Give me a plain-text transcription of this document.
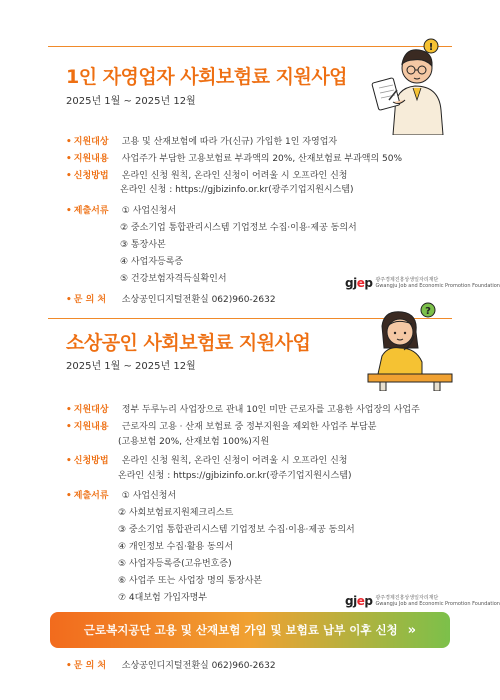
1인 자영업자 사회보험료 지원사업
2025년 1월 ~ 2025년 12월
!
• 지원대상 고용 및 산재보험에 따라 가(신규) 가입한 1인 자영업자
• 지원내용 사업주가 부담한 고용보험료 부과액의 20%, 산재보험료 부과액의 50%
• 신청방법 온라인 신청 원칙, 온라인 신청이 어려울 시 오프라인 신청
온라인 신청 : https://gjbizinfo.or.kr(광주기업지원시스템)
• 제출서류 ① 사업신청서
② 중소기업 통합관리시스템 기업정보 수집·이용·제공 동의서
③ 통장사본
④ 사업자등록증
⑤ 건강보험자격득실확인서	gjep 광주경제진흥상생일자리재단
Gwangju Job and Economic Promotion Foundation
• 문 의 처 소상공인디지털전환실 062)960-2632
소상공인 사회보험료 지원사업
2025년 1월 ~ 2025년 12월
?
• 지원대상 정부 두루누리 사업장으로 관내 10인 미만 근로자를 고용한 사업장의 사업주
• 지원내용 근로자의 고용 · 산재 보험료 중 정부지원을 제외한 사업주 부담분
(고용보험 20%, 산재보험 100%)지원
• 신청방법 온라인 신청 원칙, 온라인 신청이 어려울 시 오프라인 신청
온라인 신청 : https://gjbizinfo.or.kr(광주기업지원시스템)
• 제출서류 ① 사업신청서
② 사회보험료지원체크리스트
③ 중소기업 통합관리시스템 기업정보 수집·이용·제공 동의서
④ 개인정보 수집·활용 동의서
⑤ 사업자등록증(고유번호증)
⑥ 사업주 또는 사업장 명의 통장사본
⑦ 4대보험 가입자명부	gjep 광주경제진흥상생일자리재단
Gwangju Job and Economic Promotion Foundation
근로복지공단 고용 및 산재보험 가입 및 보험료 납부 이후 신청 »
• 문 의 처 소상공인디지털전환실 062)960-2632
